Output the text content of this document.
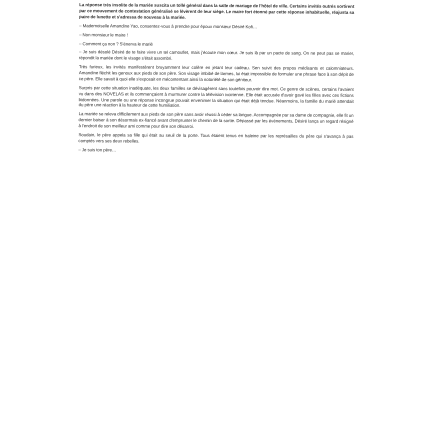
La réponse très insolite de la mariée suscita un tollé général dans la salle de mariage de l'hôtel de ville. Certains invités outrés sortirent par ce mouvement de contestation généralisé se lèvèrent de leur siège. Le maire fort étonné par cette réponse inhabituelle, réajusta sa paire de lunette et s'adressa de nouveau à la mariée.

– Mademoiselle Amandine Yao, consentez-vous à prendre pour époux monsieur Désiré Kofi…

– Non monsieur le maire !

– Comment ça non ? S'énerva le marié

– Je suis désolé Désiré de te faire vivre un tel camouflet, mais j'écoute mon cœur. Je suis là par un pacte de sang. On ne peut pas se marier, répondit la mariée dont le visage s'était assombri.

Très furieux, les invités manifestèrent bruyamment leur colère en jetant leur cadeau. Sen suivit des propos médisants et calomniateurs. Amandine fléchit les genoux aux pieds de son père. Son visage imbibé de larmes, lui était impossible de formuler une phrase face à son dépit de ce père. Elle savait à quoi elle s'exposait en mécontentant ainsi la notoriété de son géniteur.

Surpris par cette situation inadéquate, les deux familles se dévisagèrent sans toutefois pouvoir dire mot. Ce genre de scènes, certains l'avaient vu dans des NOVELAS et ils commençaient à murmurer contre la télévision ivoirienne. Elle était accusée d'avoir gavé les filles avec ces fictions bidonnées. Une parole ou une réponse incongrue pouvait envenimer la situation qui était déjà tendue. Néanmoins, la famille du marié attendait du père une réaction à la hauteur de cette humiliation.

La mariée se releva difficilement aux pieds de son père sans avoir réussi à céder sa langue. Accompagnée par sa dame de compagnie, elle fit un dernier baiser à son désormais ex-fiancé avant d'emprunter le chemin de la sortie. Dépassé par les événements, Désiré lança un regard résigné à l'endroit de son meilleur ami comme pour dire son désarroi.

Soudain, le père appela sa fille qui était au seuil de la porte. Tous étaient tenus en haleine par les représailles du père qui s'avança à pas comptés vers ses deux rebelles.

– Je suis ton père…
